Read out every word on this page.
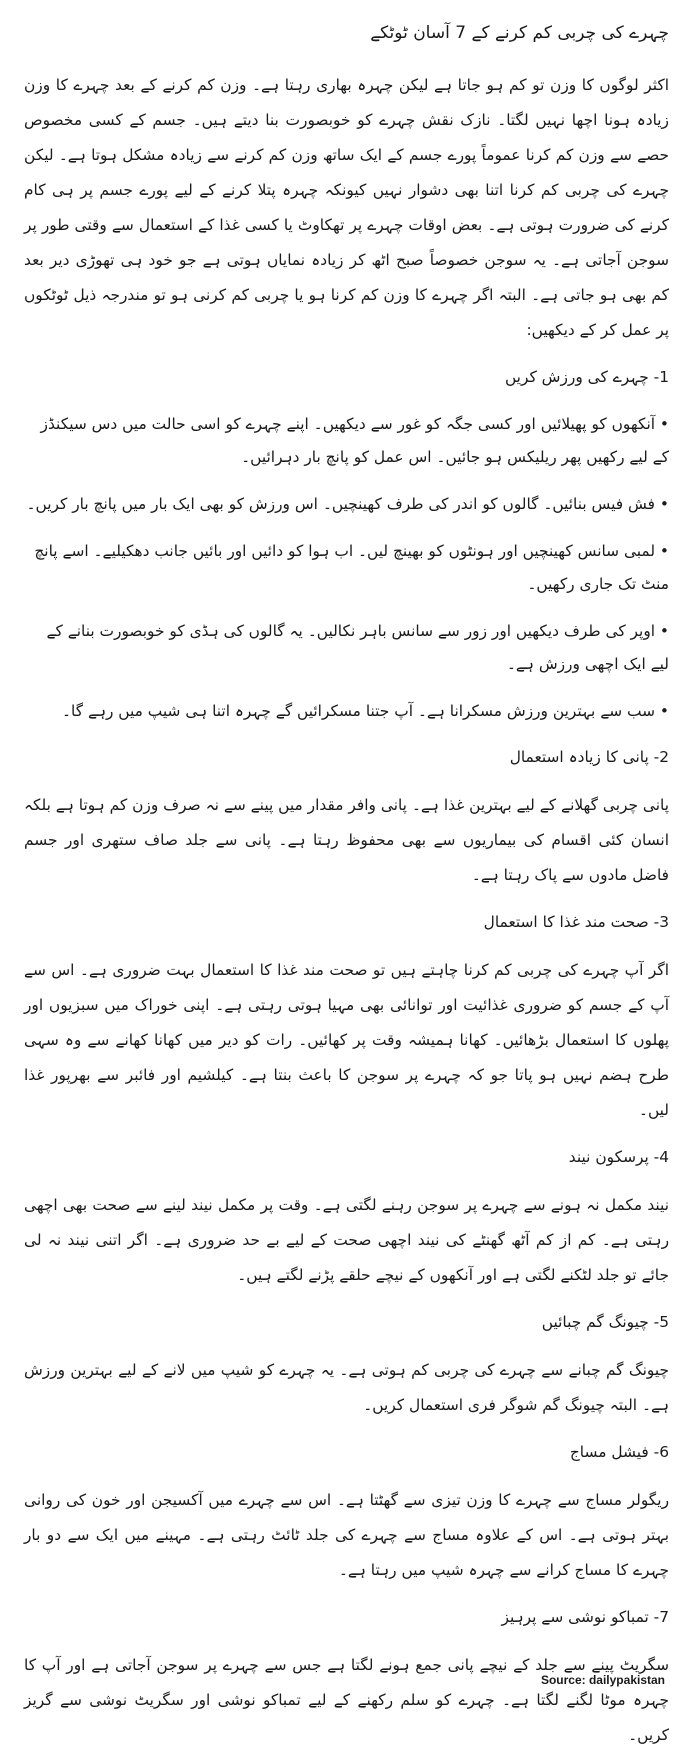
چہرے کی چربی کم کرنے کے 7 آسان ٹوٹکے

اکثر لوگوں کا وزن تو کم ہو جاتا ہے لیکن چہرہ بھاری رہتا ہے۔ وزن کم کرنے کے بعد چہرے کا وزن زیادہ ہونا اچھا نہیں لگتا۔ نازک نقش چہرے کو خوبصورت بنا دیتے ہیں۔ جسم کے کسی مخصوص حصے سے وزن کم کرنا عموماً پورے جسم کے ایک ساتھ وزن کم کرنے سے زیادہ مشکل ہوتا ہے۔ لیکن چہرے کی چربی کم کرنا اتنا بھی دشوار نہیں کیونکہ چہرہ پتلا کرنے کے لیے پورے جسم پر ہی کام کرنے کی ضرورت ہوتی ہے۔ بعض اوقات چہرے پر تھکاوٹ یا کسی غذا کے استعمال سے وقتی طور پر سوجن آجاتی ہے۔ یہ سوجن خصوصاً صبح اٹھ کر زیادہ نمایاں ہوتی ہے جو خود ہی تھوڑی دیر بعد کم بھی ہو جاتی ہے۔ البتہ اگر چہرے کا وزن کم کرنا ہو یا چربی کم کرنی ہو تو مندرجہ ذیل ٹوٹکوں پر عمل کر کے دیکھیں:

1- چہرے کی ورزش کریں

• آنکھوں کو پھیلائیں اور کسی جگہ کو غور سے دیکھیں۔ اپنے چہرے کو اسی حالت میں دس سیکنڈز کے لیے رکھیں پھر ریلیکس ہو جائیں۔ اس عمل کو پانچ بار دہرائیں۔

• فش فیس بنائیں۔ گالوں کو اندر کی طرف کھینچیں۔ اس ورزش کو بھی ایک بار میں پانچ بار کریں۔

• لمبی سانس کھینچیں اور ہونٹوں کو بھینچ لیں۔ اب ہوا کو دائیں اور بائیں جانب دھکیلیے۔ اسے پانچ منٹ تک جاری رکھیں۔

• اوپر کی طرف دیکھیں اور زور سے سانس باہر نکالیں۔ یہ گالوں کی ہڈی کو خوبصورت بنانے کے لیے ایک اچھی ورزش ہے۔

• سب سے بہترین ورزش مسکرانا ہے۔ آپ جتنا مسکرائیں گے چہرہ اتنا ہی شیپ میں رہے گا۔

2- پانی کا زیادہ استعمال

پانی چربی گھلانے کے لیے بہترین غذا ہے۔ پانی وافر مقدار میں پینے سے نہ صرف وزن کم ہوتا ہے بلکہ انسان کئی اقسام کی بیماریوں سے بھی محفوظ رہتا ہے۔ پانی سے جلد صاف ستھری اور جسم فاضل مادوں سے پاک رہتا ہے۔

3- صحت مند غذا کا استعمال

اگر آپ چہرے کی چربی کم کرنا چاہتے ہیں تو صحت مند غذا کا استعمال بہت ضروری ہے۔ اس سے آپ کے جسم کو ضروری غذائیت اور توانائی بھی مہیا ہوتی رہتی ہے۔ اپنی خوراک میں سبزیوں اور پھلوں کا استعمال بڑھائیں۔ کھانا ہمیشہ وقت پر کھائیں۔ رات کو دیر میں کھانا کھانے سے وہ سہی طرح ہضم نہیں ہو پاتا جو کہ چہرے پر سوجن کا باعث بنتا ہے۔ کیلشیم اور فائبر سے بھرپور غذا لیں۔

4- پرسکون نیند

نیند مکمل نہ ہونے سے چہرے پر سوجن رہنے لگتی ہے۔ وقت پر مکمل نیند لینے سے صحت بھی اچھی رہتی ہے۔ کم از کم آٹھ گھنٹے کی نیند اچھی صحت کے لیے بے حد ضروری ہے۔ اگر اتنی نیند نہ لی جائے تو جلد لٹکنے لگتی ہے اور آنکھوں کے نیچے حلقے پڑنے لگتے ہیں۔

5- چیونگ گم چبائیں

چیونگ گم چبانے سے چہرے کی چربی کم ہوتی ہے۔ یہ چہرے کو شیپ میں لانے کے لیے بہترین ورزش ہے۔ البتہ چیونگ گم شوگر فری استعمال کریں۔

6- فیشل مساج

ریگولر مساج سے چہرے کا وزن تیزی سے گھٹتا ہے۔ اس سے چہرے میں آکسیجن اور خون کی روانی بہتر ہوتی ہے۔ اس کے علاوہ مساج سے چہرے کی جلد ٹائٹ رہتی ہے۔ مہینے میں ایک سے دو بار چہرے کا مساج کرانے سے چہرہ شیپ میں رہتا ہے۔

7- تمباکو نوشی سے پرہیز

سگریٹ پینے سے جلد کے نیچے پانی جمع ہونے لگتا ہے جس سے چہرے پر سوجن آجاتی ہے اور آپ کا چہرہ موٹا لگنے لگتا ہے۔ چہرے کو سلم رکھنے کے لیے تمباکو نوشی اور سگریٹ نوشی سے گریز کریں۔

Source: dailypakistan
